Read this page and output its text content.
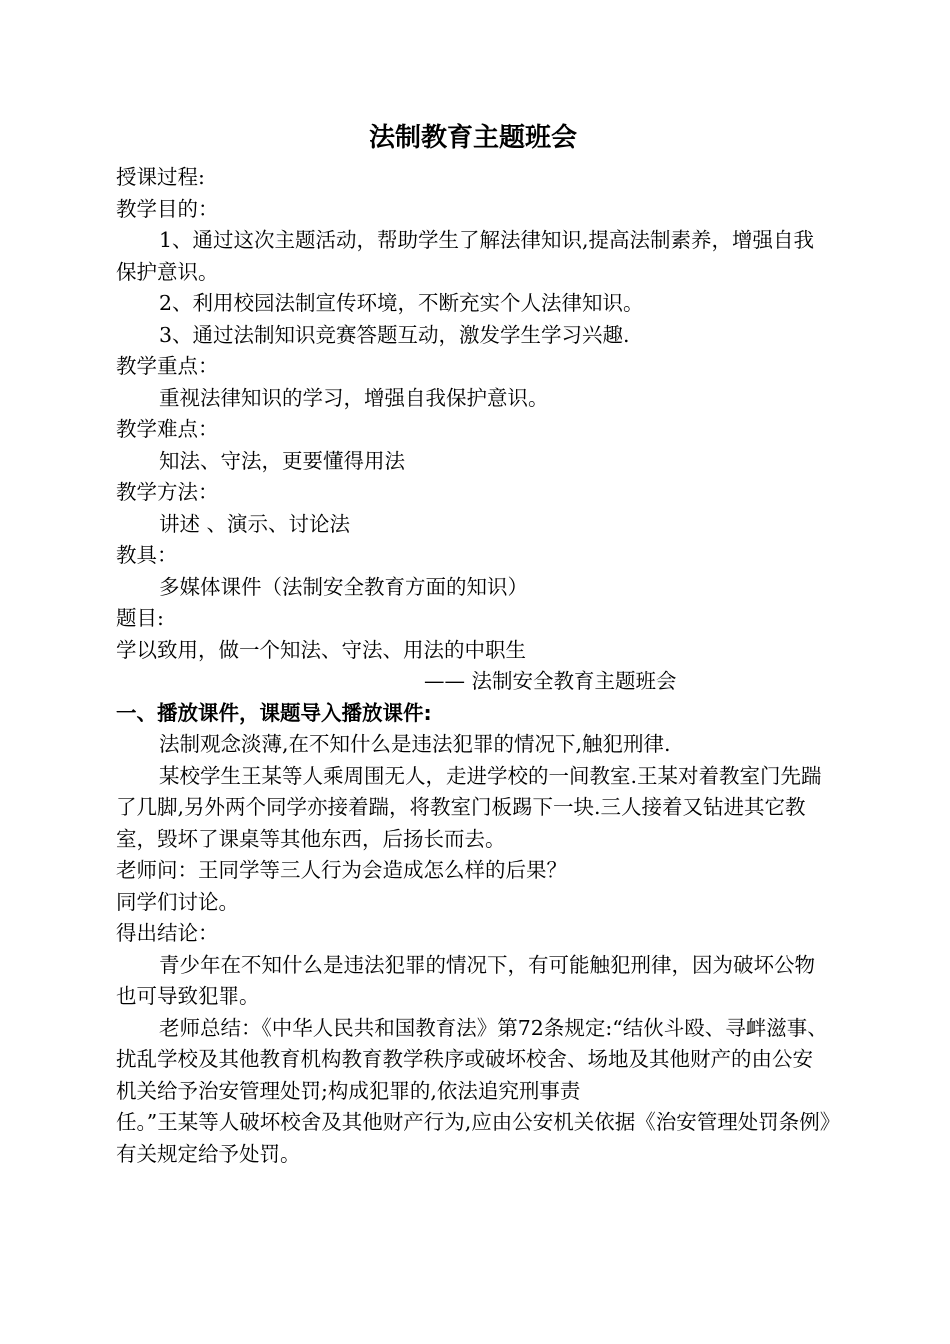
法制教育主题班会
授课过程:
教学目的：
1、通过这次主题活动，帮助学生了解法律知识,提高法制素养，增强自我保护意识。
2、利用校园法制宣传环境，不断充实个人法律知识。
3、通过法制知识竞赛答题互动，激发学生学习兴趣.
教学重点：
重视法律知识的学习，增强自我保护意识。
教学难点：
知法、守法，更要懂得用法
教学方法：
讲述 、演示、讨论法
教具：
多媒体课件（法制安全教育方面的知识）
题目:
学以致用，做一个知法、守法、用法的中职生
—— 法制安全教育主题班会
一、播放课件，课题导入播放课件:
法制观念淡薄,在不知什么是违法犯罪的情况下,触犯刑律.
某校学生王某等人乘周围无人，走进学校的一间教室.王某对着教室门先踹了几脚,另外两个同学亦接着踹，将教室门板踢下一块.三人接着又钻进其它教室，毁坏了课桌等其他东西，后扬长而去。
老师问：王同学等三人行为会造成怎么样的后果？
同学们讨论。
得出结论：
青少年在不知什么是违法犯罪的情况下，有可能触犯刑律，因为破坏公物也可导致犯罪。
老师总结：《中华人民共和国教育法》第72条规定:“结伙斗殴、寻衅滋事、扰乱学校及其他教育机构教育教学秩序或破坏校舍、场地及其他财产的由公安机关给予治安管理处罚;构成犯罪的,依法追究刑事责
任。”王某等人破坏校舍及其他财产行为,应由公安机关依据《治安管理处罚条例》有关规定给予处罚。
